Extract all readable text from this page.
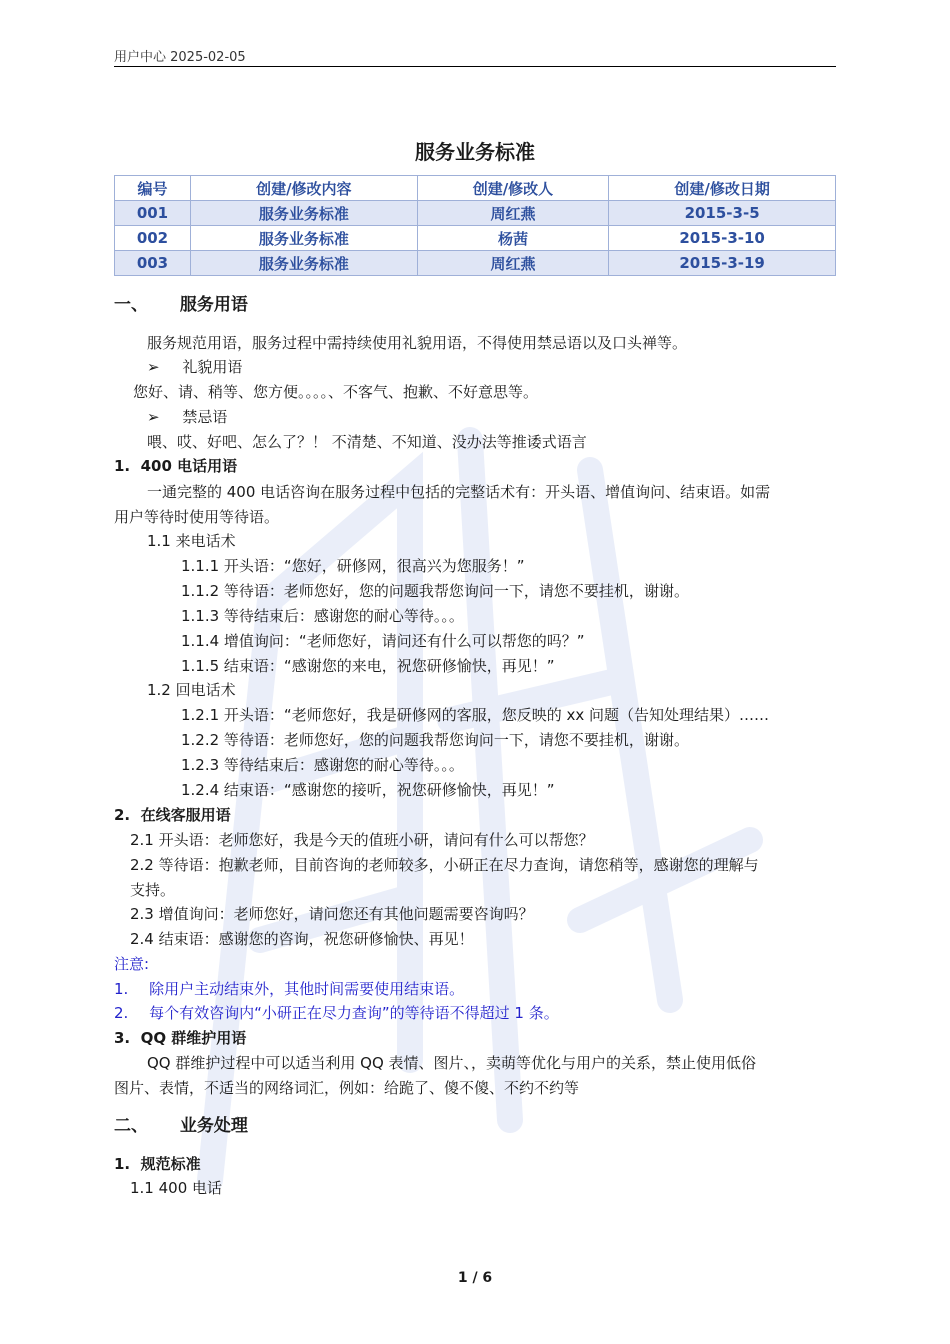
用户中心 2025-02-05
服务业务标准
编号	创建/修改内容	创建/修改人	创建/修改日期
001	服务业务标准	周红燕	2015-3-5
002	服务业务标准	杨茜	2015-3-10
003	服务业务标准	周红燕	2015-3-19
一、 服务用语
服务规范用语，服务过程中需持续使用礼貌用语，不得使用禁忌语以及口头禅等。
➢ 礼貌用语
您好、请、稍等、您方便。。。。、不客气、抱歉、不好意思等。
➢ 禁忌语
喂、哎、好吧、怎么了？！ 不清楚、不知道、没办法等推诿式语言
1.  400 电话用语
一通完整的 400 电话咨询在服务过程中包括的完整话术有：开头语、增值询问、结束语。如需
用户等待时使用等待语。
1.1 来电话术
1.1.1 开头语：“您好，研修网，很高兴为您服务！”
1.1.2 等待语：老师您好，您的问题我帮您询问一下，请您不要挂机，谢谢。
1.1.3 等待结束后：感谢您的耐心等待。。。
1.1.4 增值询问：“老师您好，请问还有什么可以帮您的吗？”
1.1.5 结束语：“感谢您的来电，祝您研修愉快，再见！”
1.2 回电话术
1.2.1 开头语：“老师您好，我是研修网的客服，您反映的 xx 问题（告知处理结果）……
1.2.2 等待语：老师您好，您的问题我帮您询问一下，请您不要挂机，谢谢。
1.2.3 等待结束后：感谢您的耐心等待。。。
1.2.4 结束语：“感谢您的接听，祝您研修愉快，再见！”
2.  在线客服用语
2.1 开头语：老师您好，我是今天的值班小研，请问有什么可以帮您？
2.2 等待语：抱歉老师，目前咨询的老师较多，小研正在尽力查询，请您稍等，感谢您的理解与
支持。
2.3 增值询问：老师您好，请问您还有其他问题需要咨询吗？
2.4 结束语：感谢您的咨询，祝您研修愉快、再见！
注意:
1. 除用户主动结束外，其他时间需要使用结束语。
2. 每个有效咨询内“小研正在尽力查询”的等待语不得超过 1 条。
3.  QQ 群维护用语
QQ 群维护过程中可以适当利用 QQ 表情、图片、，卖萌等优化与用户的关系，禁止使用低俗
图片、表情，不适当的网络词汇，例如：给跪了、傻不傻、不约不约等
二、 业务处理
1.  规范标准
1.1 400 电话
1 / 6
